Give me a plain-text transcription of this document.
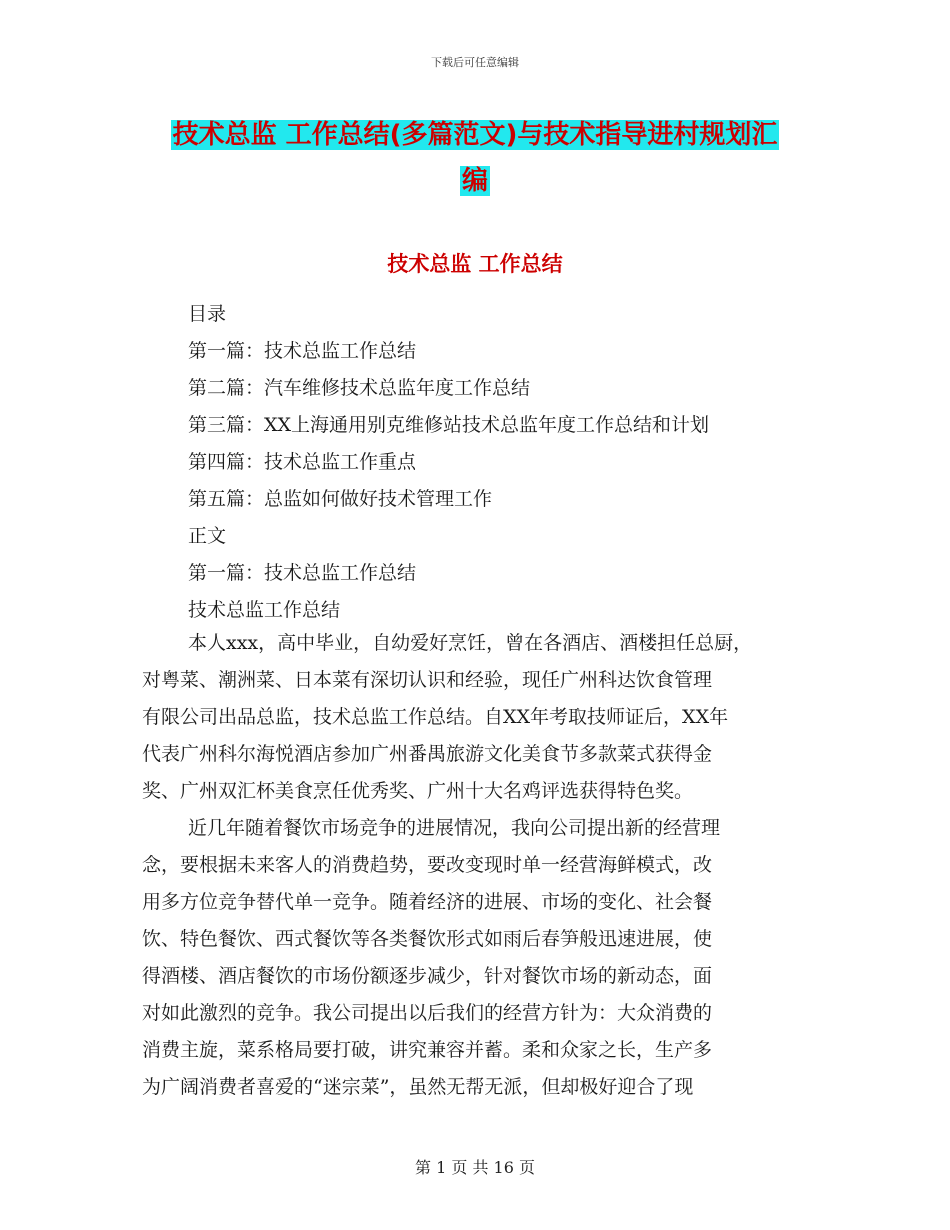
下载后可任意编辑
技术总监 工作总结(多篇范文)与技术指导进村规划汇
编
技术总监 工作总结
目录
第一篇：技术总监工作总结
第二篇：汽车维修技术总监年度工作总结
第三篇：XX上海通用别克维修站技术总监年度工作总结和计划
第四篇：技术总监工作重点
第五篇：总监如何做好技术管理工作
正文
第一篇：技术总监工作总结
技术总监工作总结

本人xxx，高中毕业，自幼爱好烹饪，曾在各酒店、酒楼担任总厨，
对粤菜、潮洲菜、日本菜有深切认识和经验，现任广州科达饮食管理
有限公司出品总监，技术总监工作总结。自XX年考取技师证后，XX年
代表广州科尔海悦酒店参加广州番禺旅游文化美食节多款菜式获得金
奖、广州双汇杯美食烹任优秀奖、广州十大名鸡评选获得特色奖。

近几年随着餐饮市场竞争的进展情况，我向公司提出新的经营理
念，要根据未来客人的消费趋势，要改变现时单一经营海鲜模式，改
用多方位竞争替代单一竞争。随着经济的进展、市场的变化、社会餐
饮、特色餐饮、西式餐饮等各类餐饮形式如雨后春笋般迅速进展，使
得酒楼、酒店餐饮的市场份额逐步减少，针对餐饮市场的新动态，面
对如此激烈的竞争。我公司提出以后我们的经营方针为：大众消费的
消费主旋，菜系格局要打破，讲究兼容并蓄。柔和众家之长，生产多
为广阔消费者喜爱的“迷宗菜”，虽然无帮无派，但却极好迎合了现

第 1 页 共 16 页
